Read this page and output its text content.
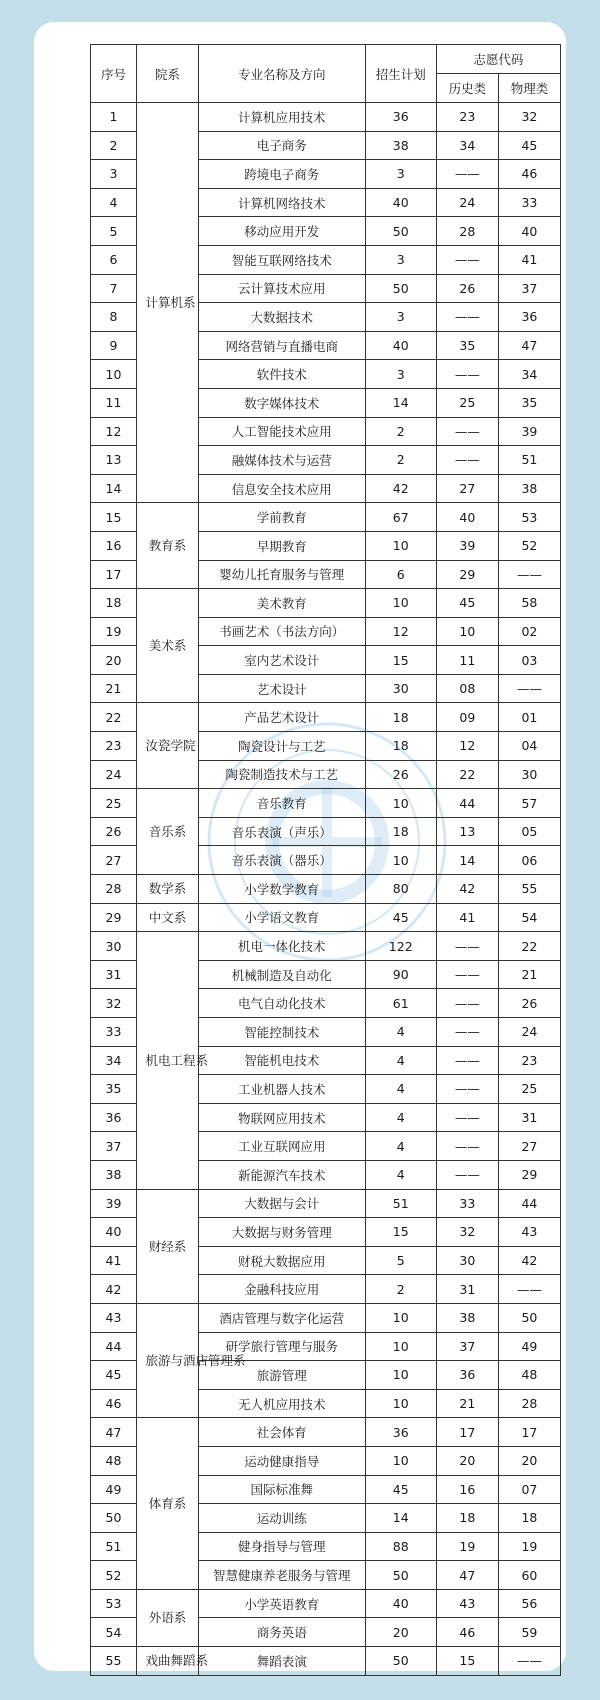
序号	院系	专业名称及方向	招生计划	志愿代码	
				历史类	物理类
1	计算机系	计算机应用技术	36	23	32
2		电子商务	38	34	45
3		跨境电子商务	3	——	46
4		计算机网络技术	40	24	33
5		移动应用开发	50	28	40
6		智能互联网络技术	3	——	41
7		云计算技术应用	50	26	37
8		大数据技术	3	——	36
9		网络营销与直播电商	40	35	47
10		软件技术	3	——	34
11		数字媒体技术	14	25	35
12		人工智能技术应用	2	——	39
13		融媒体技术与运营	2	——	51
14		信息安全技术应用	42	27	38
15	教育系	学前教育	67	40	53
16		早期教育	10	39	52
17		婴幼儿托育服务与管理	6	29	——
18	美术系	美术教育	10	45	58
19		书画艺术（书法方向）	12	10	02
20		室内艺术设计	15	11	03
21		艺术设计	30	08	——
22	汝瓷学院	产品艺术设计	18	09	01
23		陶瓷设计与工艺	18	12	04
24		陶瓷制造技术与工艺	26	22	30
25	音乐系	音乐教育	10	44	57
26		音乐表演（声乐）	18	13	05
27		音乐表演（器乐）	10	14	06
28	数学系	小学数学教育	80	42	55
29	中文系	小学语文教育	45	41	54
30	机电工程系	机电一体化技术	122	——	22
31		机械制造及自动化	90	——	21
32		电气自动化技术	61	——	26
33		智能控制技术	4	——	24
34		智能机电技术	4	——	23
35		工业机器人技术	4	——	25
36		物联网应用技术	4	——	31
37		工业互联网应用	4	——	27
38		新能源汽车技术	4	——	29
39	财经系	大数据与会计	51	33	44
40		大数据与财务管理	15	32	43
41		财税大数据应用	5	30	42
42		金融科技应用	2	31	——
43	旅游与酒店管理系	酒店管理与数字化运营	10	38	50
44		研学旅行管理与服务	10	37	49
45		旅游管理	10	36	48
46		无人机应用技术	10	21	28
47	体育系	社会体育	36	17	17
48		运动健康指导	10	20	20
49		国际标准舞	45	16	07
50		运动训练	14	18	18
51		健身指导与管理	88	19	19
52		智慧健康养老服务与管理	50	47	60
53	外语系	小学英语教育	40	43	56
54		商务英语	20	46	59
55	戏曲舞蹈系	舞蹈表演	50	15	——
